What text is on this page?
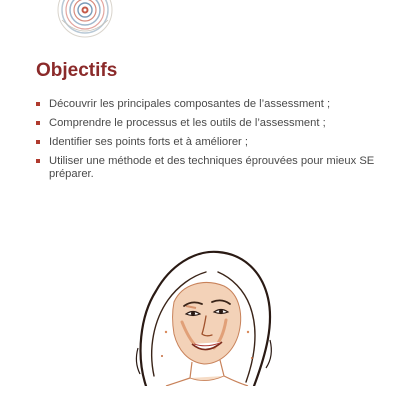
Objectifs
Découvrir les principales composantes de l’assessment ;
Comprendre le processus et les outils de l’assessment ;
Identifier ses points forts et à améliorer ;
Utiliser une méthode et des techniques éprouvées pour mieux SE préparer.
